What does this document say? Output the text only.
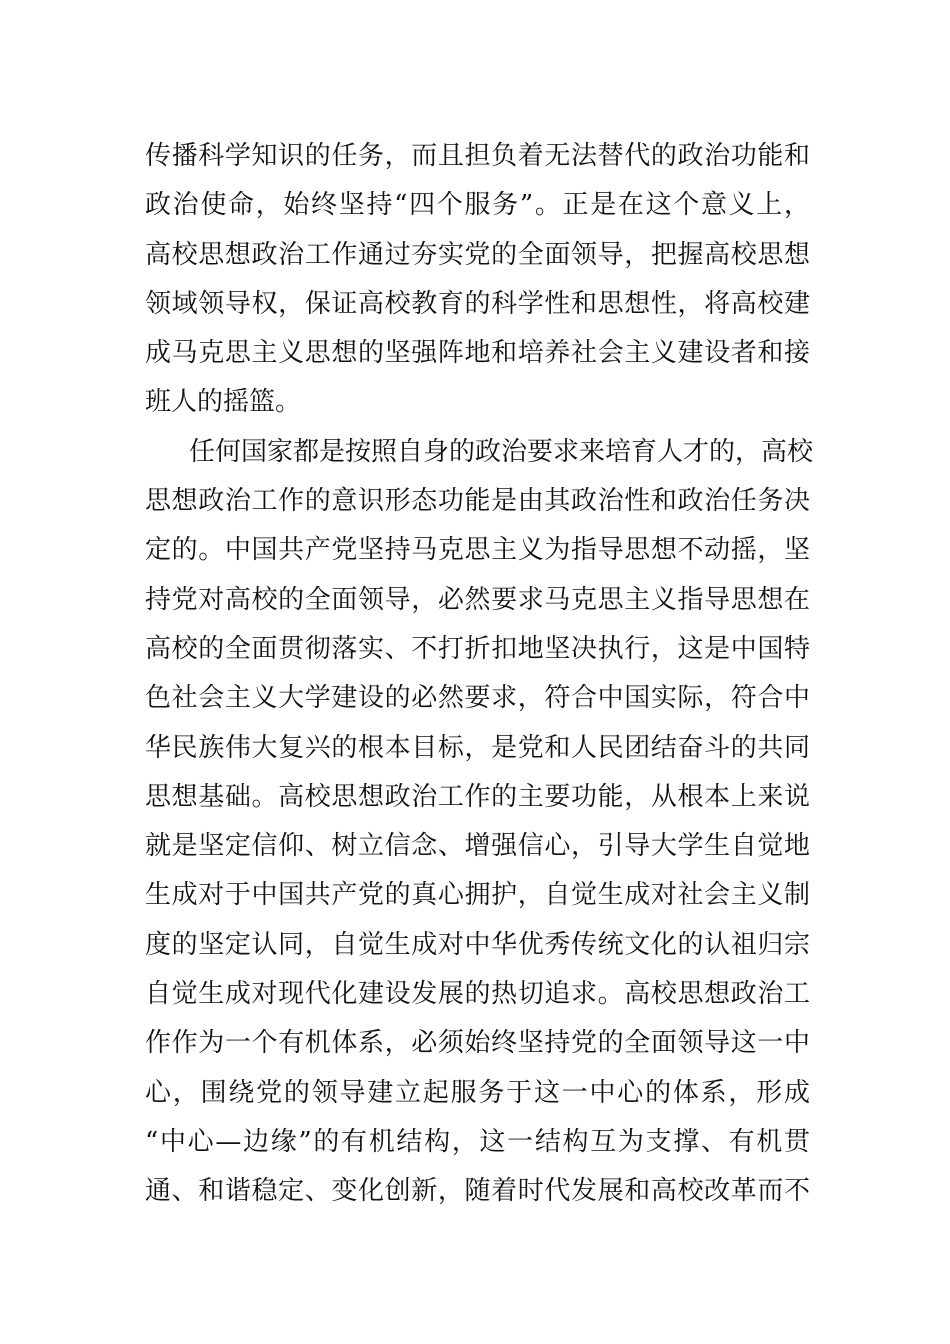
传播科学知识的任务，而且担负着无法替代的政治功能和
政治使命，始终坚持“四个服务”。正是在这个意义上，
高校思想政治工作通过夯实党的全面领导，把握高校思想
领域领导权，保证高校教育的科学性和思想性，将高校建
成马克思主义思想的坚强阵地和培养社会主义建设者和接
班人的摇篮。
任何国家都是按照自身的政治要求来培育人才的，高校
思想政治工作的意识形态功能是由其政治性和政治任务决
定的。中国共产党坚持马克思主义为指导思想不动摇，坚
持党对高校的全面领导，必然要求马克思主义指导思想在
高校的全面贯彻落实、不打折扣地坚决执行，这是中国特
色社会主义大学建设的必然要求，符合中国实际，符合中
华民族伟大复兴的根本目标，是党和人民团结奋斗的共同
思想基础。高校思想政治工作的主要功能，从根本上来说
就是坚定信仰、树立信念、增强信心，引导大学生自觉地
生成对于中国共产党的真心拥护，自觉生成对社会主义制
度的坚定认同，自觉生成对中华优秀传统文化的认祖归宗
自觉生成对现代化建设发展的热切追求。高校思想政治工
作作为一个有机体系，必须始终坚持党的全面领导这一中
心，围绕党的领导建立起服务于这一中心的体系，形成
“中心—边缘”的有机结构，这一结构互为支撑、有机贯
通、和谐稳定、变化创新，随着时代发展和高校改革而不
